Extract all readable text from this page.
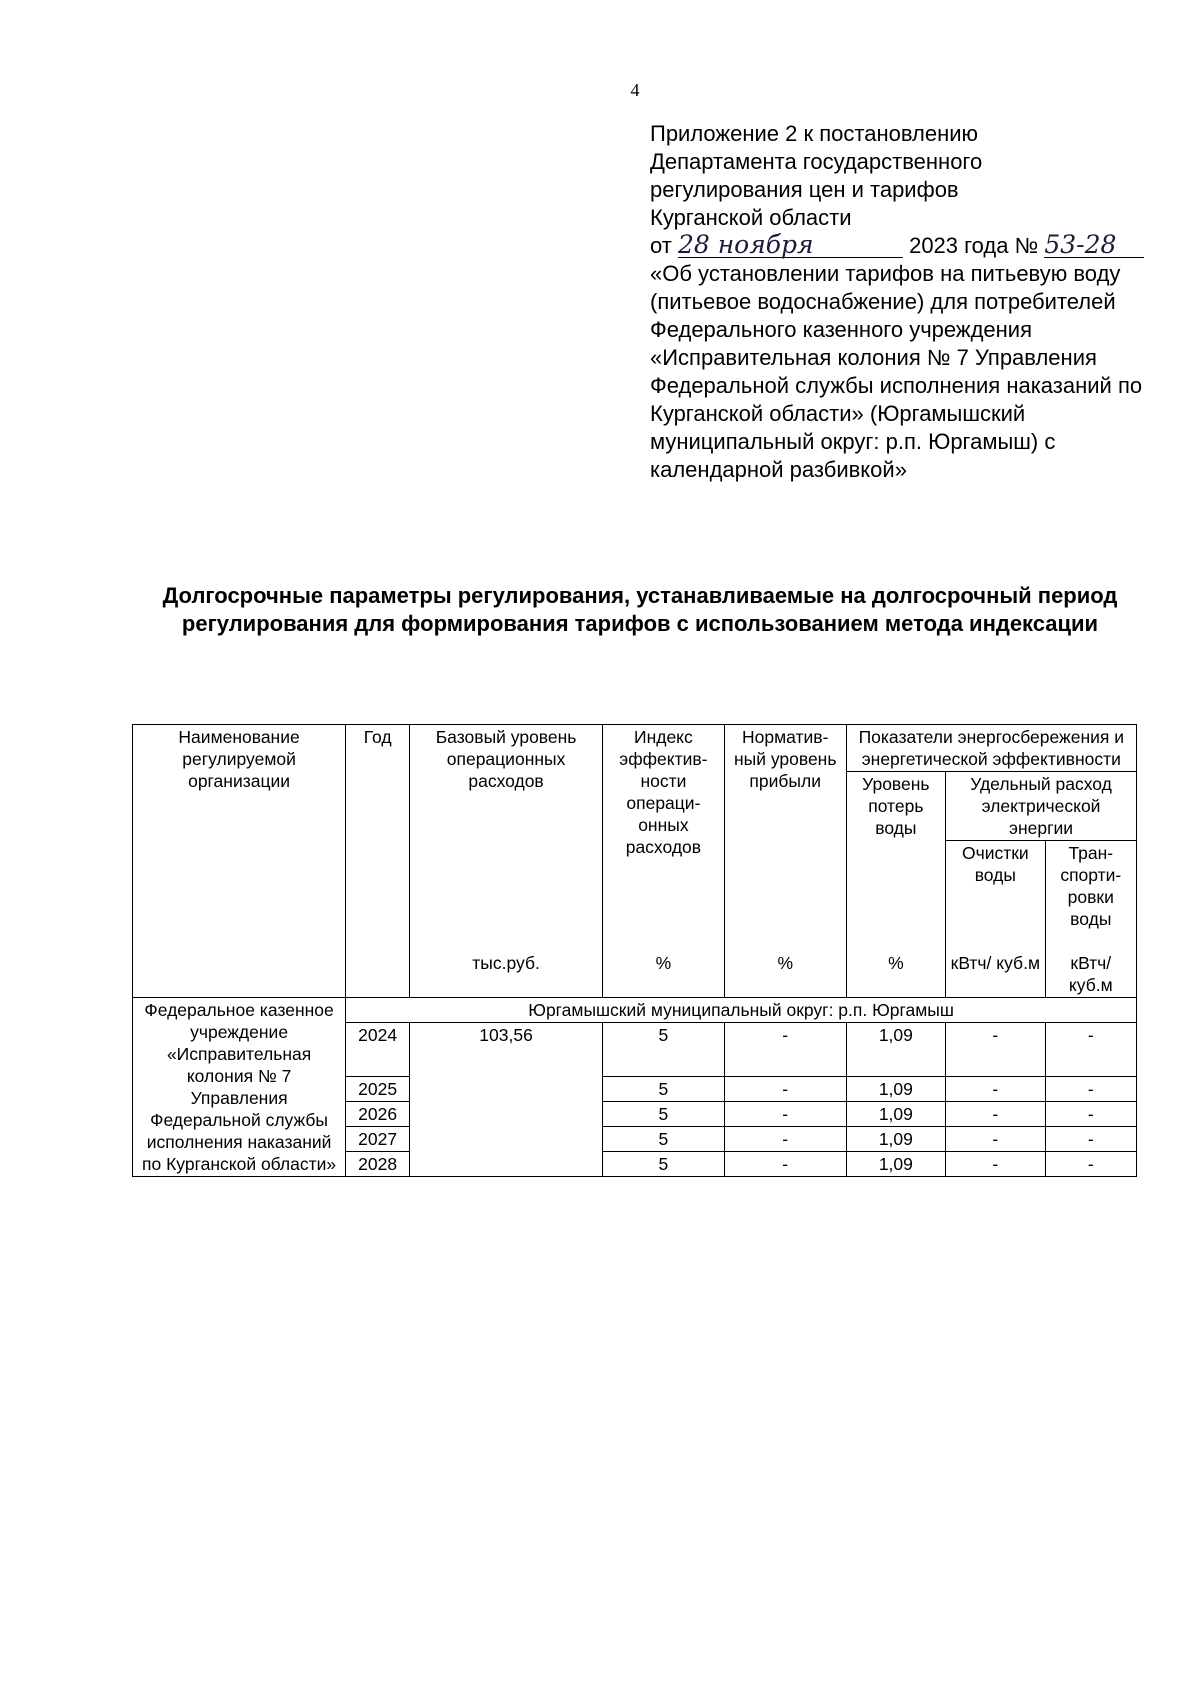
4
Приложение 2 к постановлению
Департамента государственного
регулирования цен и тарифов
Курганской области
от 28 ноября	2023 года № 53-28
«Об установлении тарифов на питьевую воду (питьевое водоснабжение) для потребителей Федерального казенного учреждения «Исправительная колония № 7 Управления Федеральной службы исполнения наказаний по Курганской области» (Юргамышский муниципальный округ: р.п. Юргамыш) с календарной разбивкой»
Долгосрочные параметры регулирования, устанавливаемые на долгосрочный период регулирования для формирования тарифов с использованием метода индексации
Наименование регулируемой организации	Год	Базовый уровень операционных расходов	Индекс эффектив-ности операци-онных расходов	Норматив-ный уровень прибыли	Показатели энергосбережения и энергетической эффективности		
					Уровень потерь воды	Удельный расход электрической энергии	
						Очистки воды	Тран-спорти-ровки воды
		тыс.руб.	%	%	%	кВтч/ куб.м	кВтч/ куб.м
Федеральное казенное учреждение «Исправительная колония № 7 Управления Федеральной службы исполнения наказаний по Курганской области»	Юргамышский муниципальный округ: р.п. Юргамыш						
	2024	103,56	5	-	1,09	-	-
	2025		5	-	1,09	-	-
	2026		5	-	1,09	-	-
	2027		5	-	1,09	-	-
	2028		5	-	1,09	-	-
